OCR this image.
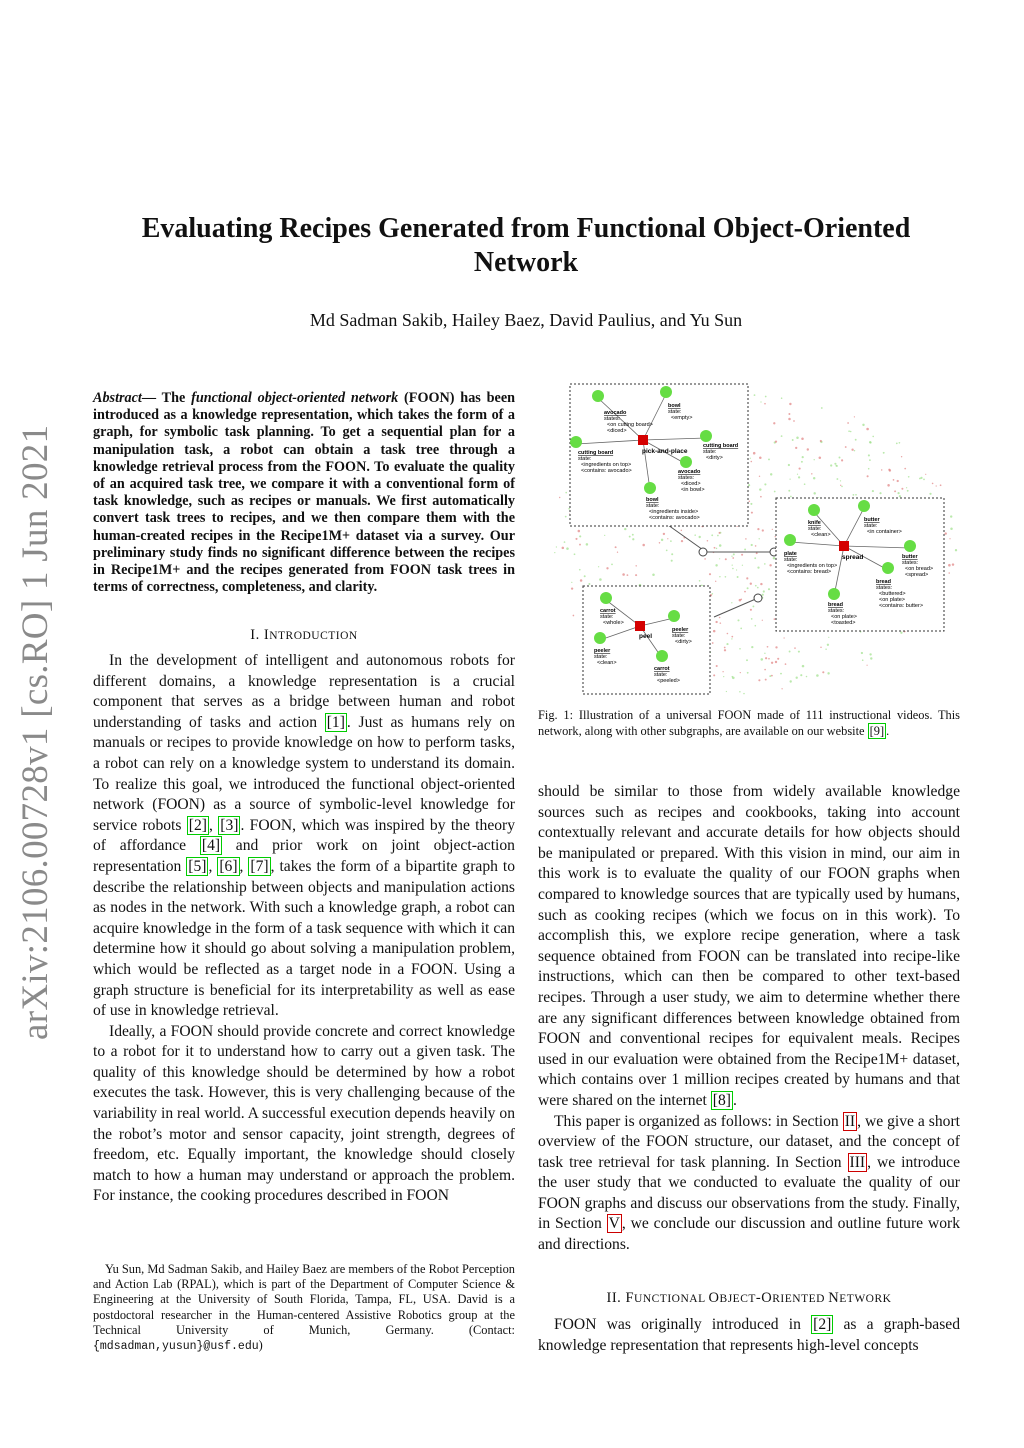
arXiv:2106.00728v1 [cs.RO] 1 Jun 2021
Evaluating Recipes Generated from Functional Object-Oriented
Network
Md Sadman Sakib, Hailey Baez, David Paulius, and Yu Sun
Abstract— The functional object-oriented network (FOON) has been introduced as a knowledge representation, which takes the form of a graph, for symbolic task planning. To get a sequential plan for a manipulation task, a robot can obtain a task tree through a knowledge retrieval process from the FOON. To evaluate the quality of an acquired task tree, we compare it with a conventional form of task knowledge, such as recipes or manuals. We first automatically convert task trees to recipes, and we then compare them with the human-created recipes in the Recipe1M+ dataset via a survey. Our preliminary study finds no significant difference between the recipes in Recipe1M+ and the recipes generated from FOON task trees in terms of correctness, completeness, and clarity.
I. INTRODUCTION

In the development of intelligent and autonomous robots for different domains, a knowledge representation is a crucial component that serves as a bridge between human and robot understanding of tasks and action [1] . Just as humans rely on manuals or recipes to provide knowledge on how to perform tasks, a robot can rely on a knowledge system to understand its domain. To realize this goal, we introduced the functional object-oriented network (FOON) as a source of symbolic-level knowledge for service robots [2] , [3] . FOON, which was inspired by the theory of affordance [4] and prior work on joint object-action representation [5] , [6] , [7] , takes the form of a bipartite graph to describe the relationship between objects and manipulation actions as nodes in the network. With such a knowledge graph, a robot can acquire knowledge in the form of a task sequence with which it can determine how it should go about solving a manipulation problem, which would be reflected as a target node in a FOON. Using a graph structure is beneficial for its interpretability as well as ease of use in knowledge retrieval.

Ideally, a FOON should provide concrete and correct knowledge to a robot for it to understand how to carry out a given task. The quality of this knowledge should be determined by how a robot executes the task. However, this is very challenging because of the variability in real world. A successful execution depends heavily on the robot’s motor and sensor capacity, joint strength, degrees of freedom, etc. Equally important, the knowledge should closely match to how a human may understand or approach the problem. For instance, the cooking procedures described in FOON

Yu Sun, Md Sadman Sakib, and Hailey Baez are members of the Robot Perception and Action Lab (RPAL), which is part of the Department of Computer Science & Engineering at the University of South Florida, Tampa, FL, USA. David is a postdoctoral researcher in the Human-centered Assistive Robotics group at the Technical University of Munich, Germany. (Contact: {mdsadman,yusun}@usf.edu)

pick-and-place
avocado
states:
<on cutting board>
<diced>
bowl
state:
<empty>
cutting board
state:
<ingredients on top>
<contains: avocado>
cutting board
state:
<dirty>
avocado
states:
<diced>
<in bowl>
bowl
state:
<ingredients inside>
<contains: avocado>
spread
knife
state:
<clean>
butter
state:
<in container>
plate
state:
<ingredients on top>
<contains: bread>
butter
states:
<on bread>
<spread>
bread
states:
<buttered>
<on plate>
<contains: butter>
bread
states:
<on plate>
<toasted>
peel
carrot
state:
<whole>
peeler
state:
<dirty>
peeler
state:
<clean>
carrot
state:
<peeled>
Fig. 1: Illustration of a universal FOON made of 111 instructional videos. This network, along with other subgraphs, are available on our website [9] .

should be similar to those from widely available knowledge sources such as recipes and cookbooks, taking into account contextually relevant and accurate details for how objects should be manipulated or prepared. With this vision in mind, our aim in this work is to evaluate the quality of our FOON graphs when compared to knowledge sources that are typically used by humans, such as cooking recipes (which we focus on in this work). To accomplish this, we explore recipe generation, where a task sequence obtained from FOON can be translated into recipe-like instructions, which can then be compared to other text-based recipes. Through a user study, we aim to determine whether there are any significant differences between knowledge obtained from FOON and conventional recipes for equivalent meals. Recipes used in our evaluation were obtained from the Recipe1M+ dataset, which contains over 1 million recipes created by humans and that were shared on the internet [8] .

This paper is organized as follows: in Section II , we give a short overview of the FOON structure, our dataset, and the concept of task tree retrieval for task planning. In Section III , we introduce the user study that we conducted to evaluate the quality of our FOON graphs and discuss our observations from the study. Finally, in Section V , we conclude our discussion and outline future work and directions.

II. FUNCTIONAL OBJECT-ORIENTED NETWORK

FOON was originally introduced in [2] as a graph-based knowledge representation that represents high-level concepts
